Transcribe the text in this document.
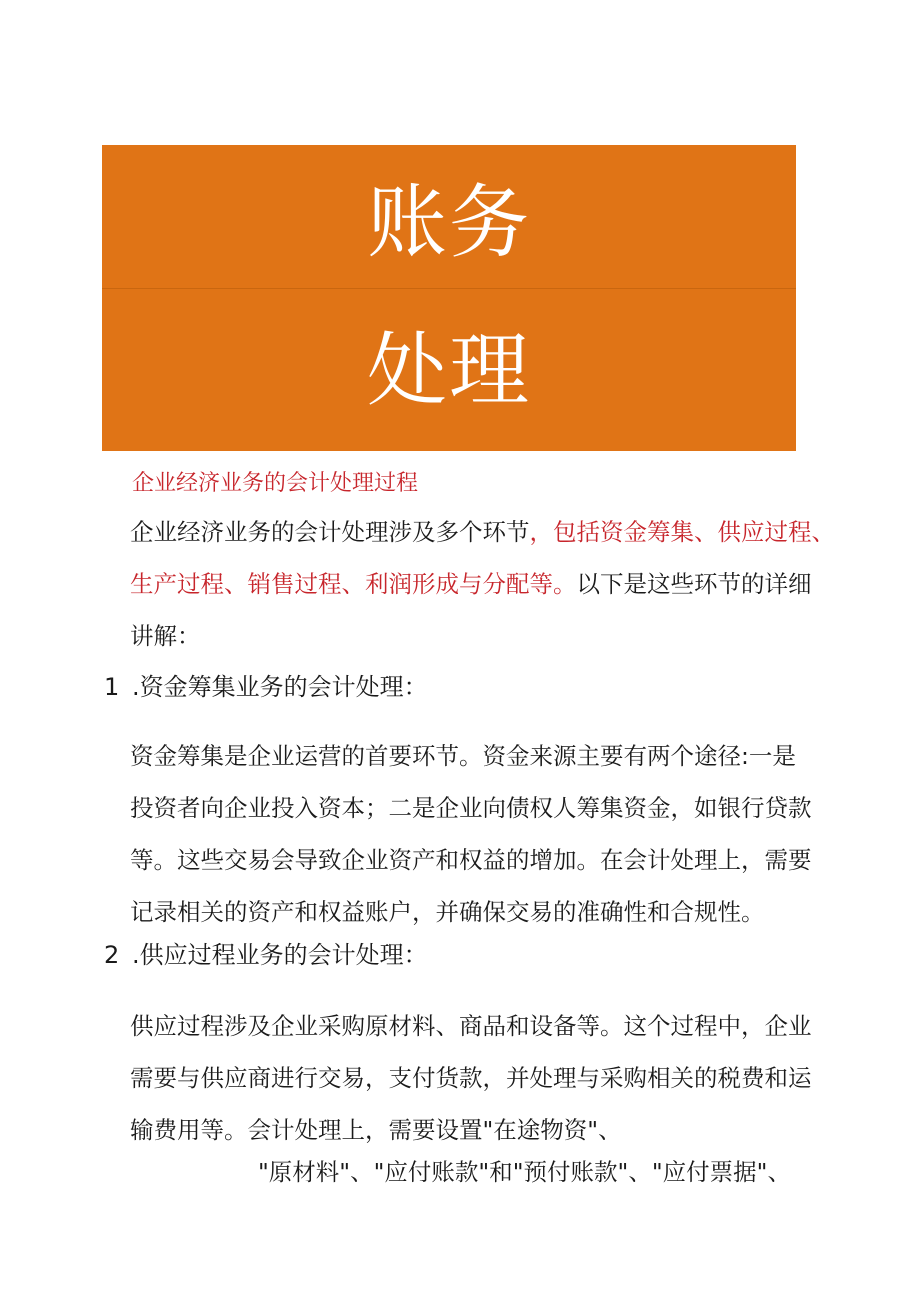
账务
处理
企业经济业务的会计处理过程
企业经济业务的会计处理涉及多个环节，包括资金筹集、供应过程、
生产过程、销售过程、利润形成与分配等。以下是这些环节的详细
讲解：
1 .资金筹集业务的会计处理：
资金筹集是企业运营的首要环节。资金来源主要有两个途径:一是
投资者向企业投入资本；二是企业向债权人筹集资金，如银行贷款
等。这些交易会导致企业资产和权益的增加。在会计处理上，需要
记录相关的资产和权益账户，并确保交易的准确性和合规性。
2 .供应过程业务的会计处理：
供应过程涉及企业采购原材料、商品和设备等。这个过程中，企业
需要与供应商进行交易，支付货款，并处理与采购相关的税费和运
输费用等。会计处理上，需要设置"在途物资"、
"原材料"、"应付账款"和"预付账款"、"应付票据"、
